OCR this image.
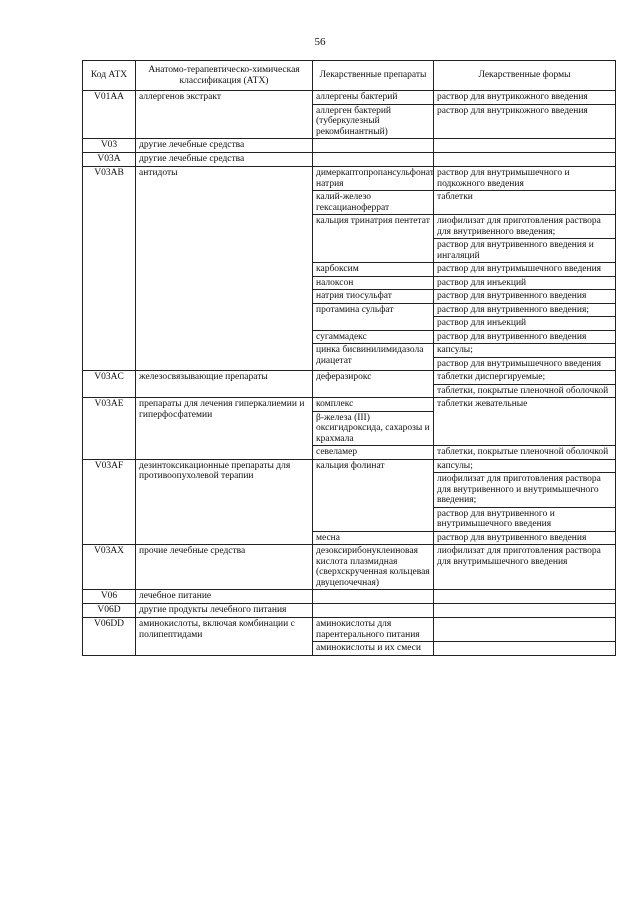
56
Код АТХ	Анатомо-терапевтическо-химическая классификация (АТХ)	Лекарственные препараты	Лекарственные формы
V01AA	аллергенов экстракт	аллергены бактерий	раствор для внутрикожного введения
		аллерген бактерий (туберкулезный рекомбинантный)	раствор для внутрикожного введения
V03	другие лечебные средства		
V03A	другие лечебные средства		
V03AB	антидоты	димеркаптопропансульфонат натрия	раствор для внутримышечного и подкожного введения
		калий-железо гексацианоферрат	таблетки
		кальция тринатрия пентетат	лиофилизат для приготовления раствора для внутривенного введения;
			раствор для внутривенного введения и ингаляций
		карбоксим	раствор для внутримышечного введения
		налоксон	раствор для инъекций
		натрия тиосульфат	раствор для внутривенного введения
		протамина сульфат	раствор для внутривенного введения;
			раствор для инъекций
		сугаммадекс	раствор для внутривенного введения
		цинка бисвинилимидазола диацетат	капсулы;
			раствор для внутримышечного введения
V03AC	железосвязывающие препараты	деферазирокс	таблетки диспергируемые;
			таблетки, покрытые пленочной оболочкой
V03AE	препараты для лечения гиперкалиемии и гиперфосфатемии	комплекс	таблетки жевательные
		β-железа (III) оксигидроксида, сахарозы и крахмала	
		севеламер	таблетки, покрытые пленочной оболочкой
V03AF	дезинтоксикационные препараты для противоопухолевой терапии	кальция фолинат	капсулы;
			лиофилизат для приготовления раствора для внутривенного и внутримышечного введения;
			раствор для внутривенного и внутримышечного введения
		месна	раствор для внутривенного введения
V03AX	прочие лечебные средства	дезоксирибонуклеиновая кислота плазмидная (сверхскрученная кольцевая двуцепочечная)	лиофилизат для приготовления раствора для внутримышечного введения
V06	лечебное питание		
V06D	другие продукты лечебного питания		
V06DD	аминокислоты, включая комбинации с полипептидами	аминокислоты для парентерального питания	
		аминокислоты и их смеси	
